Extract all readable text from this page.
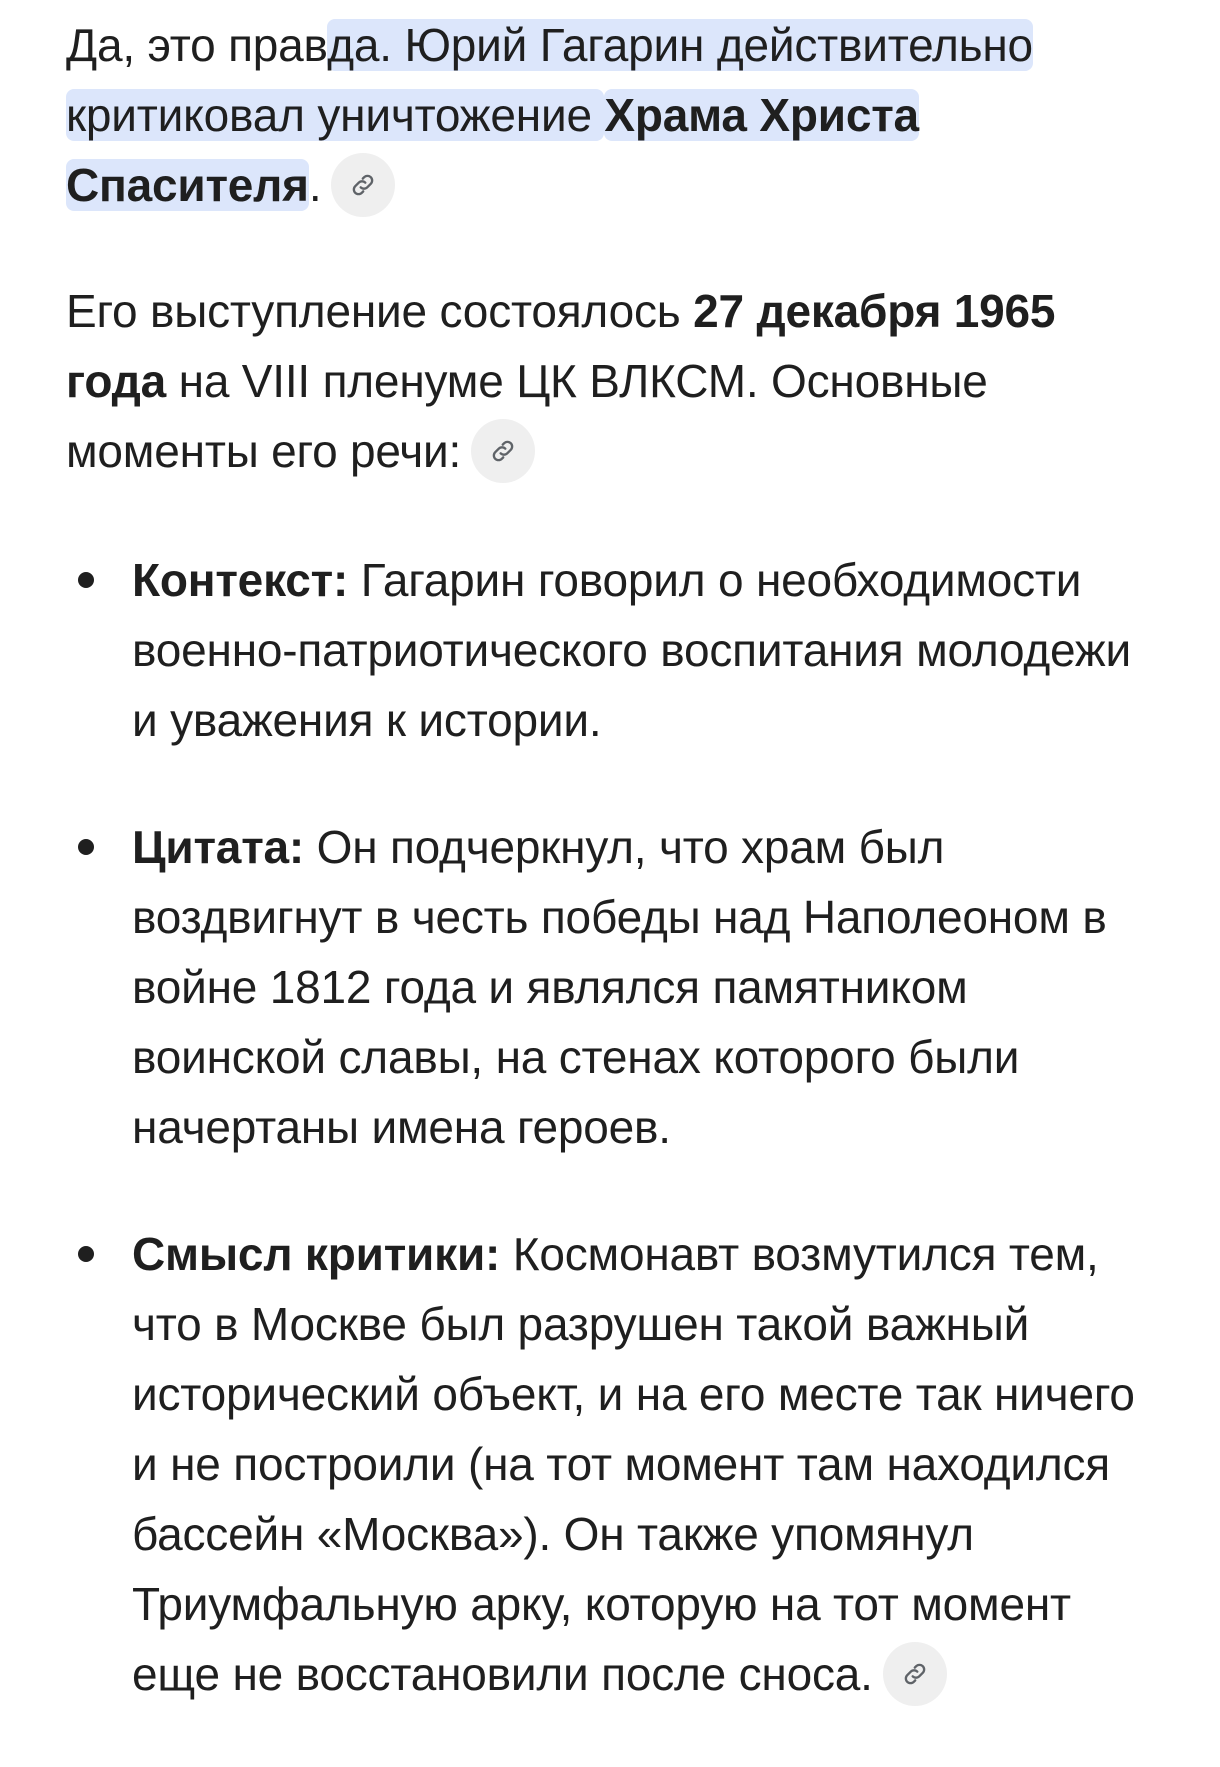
Да, это правда. Юрий Гагарин действительно критиковал уничтожение Храма Христа Спасителя.

Его выступление состоялось 27 декабря 1965 года на VIII пленуме ЦК ВЛКСМ. Основные моменты его речи:

Контекст: Гагарин говорил о необходимости военно-патриотического воспитания молодежи и уважения к истории.
Цитата: Он подчеркнул, что храм был воздвигнут в честь победы над Наполеоном в войне 1812 года и являлся памятником воинской славы, на стенах которого были начертаны имена героев.
Смысл критики: Космонавт возмутился тем, что в Москве был разрушен такой важный исторический объект, и на его месте так ничего и не построили (на тот момент там находился бассейн «Москва»). Он также упомянул Триумфальную арку, которую на тот момент еще не восстановили после сноса.
